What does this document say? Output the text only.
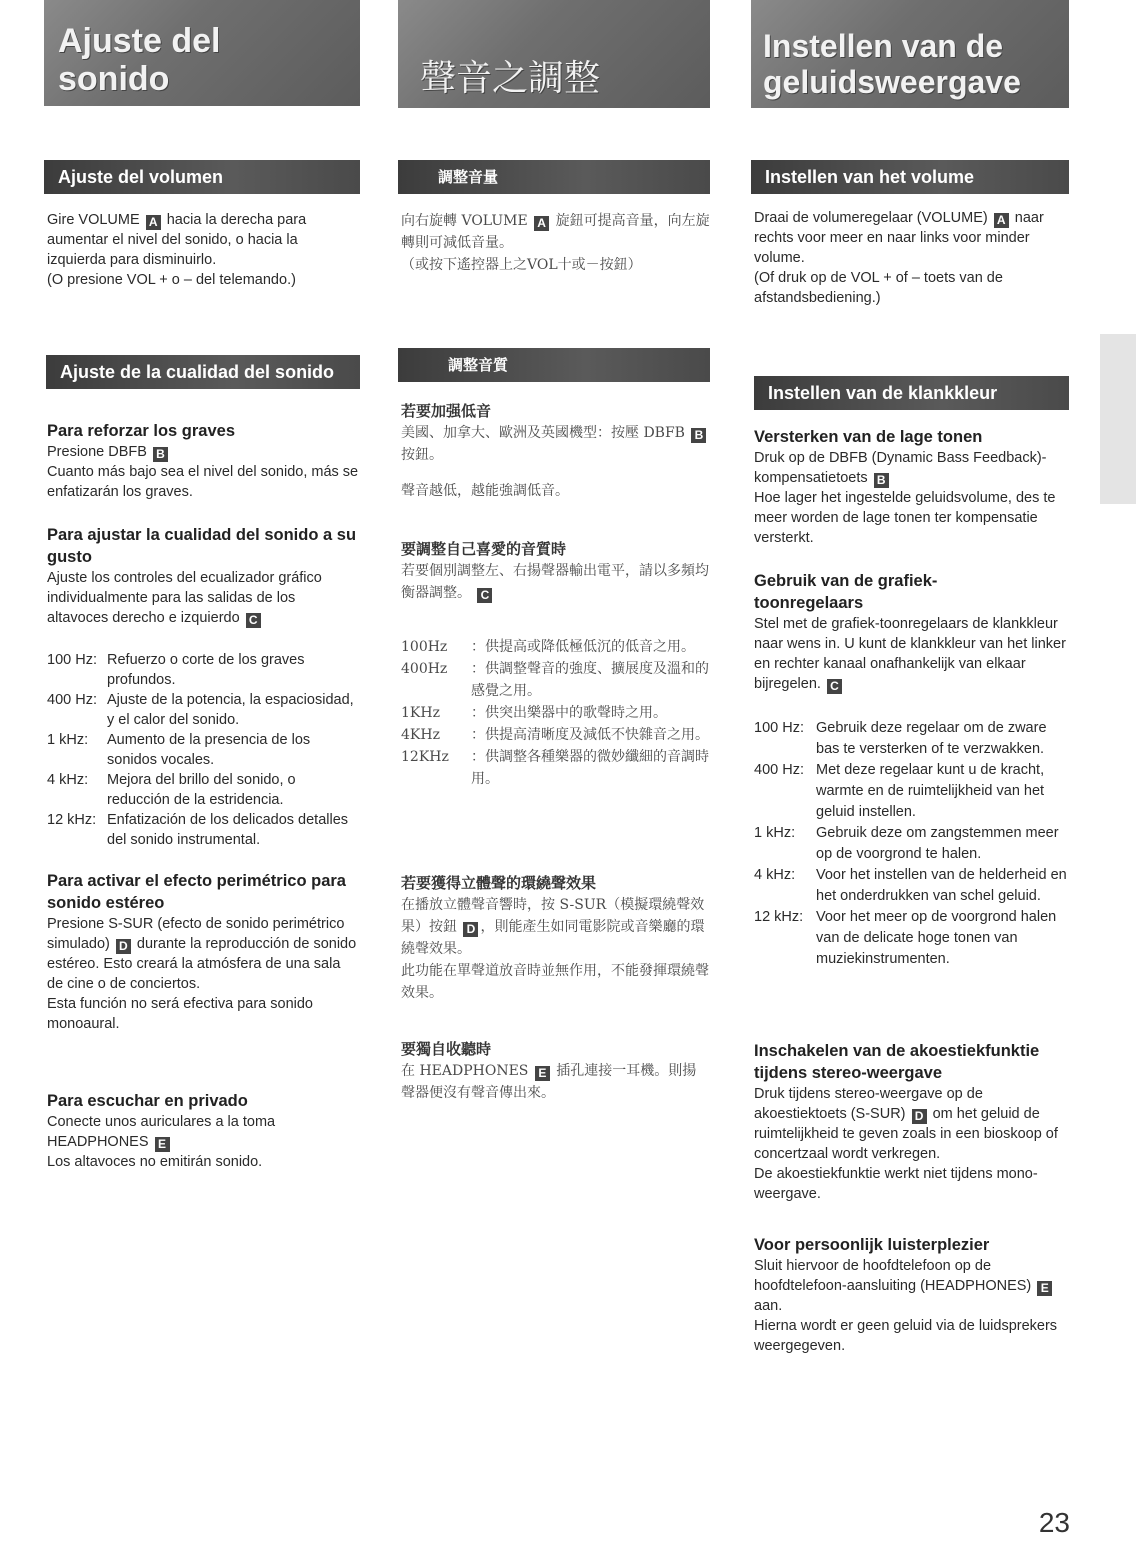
Ajuste del sonido
Ajuste del volumen

Gire VOLUME A hacia la derecha para aumentar el nivel del sonido, o hacia la izquierda para disminuirlo.

(O presione VOL + o – del telemando.)

Ajuste de la cualidad del sonido

Para reforzar los graves

Presione DBFB B

Cuanto más bajo sea el nivel del sonido, más se enfatizarán los graves.

Para ajustar la cualidad del sonido a su gusto

Ajuste los controles del ecualizador gráfico individualmente para las salidas de los altavoces derecho e izquierdo C

100 Hz: Refuerzo o corte de los graves profundos.
400 Hz: Ajuste de la potencia, la espaciosidad, y el calor del sonido.
1 kHz:	Aumento de la presencia de los sonidos vocales.
4 kHz:	Mejora del brillo del sonido, o reducción de la estridencia.
12 kHz: Enfatización de los delicados detalles del sonido instrumental.

Para activar el efecto perimétrico para sonido estéreo

Presione S-SUR (efecto de sonido perimétrico simulado) D durante la reproducción de sonido estéreo. Esto creará la atmósfera de una sala de cine o de conciertos.

Esta función no será efectiva para sonido monoaural.

Para escuchar en privado

Conecte unos auriculares a la toma HEADPHONES E

Los altavoces no emitirán sonido.

聲音之調整
調整音量

向右旋轉 VOLUME A 旋鈕可提高音量，向左旋轉則可減低音量。

（或按下遙控器上之VOL十或－按鈕）

調整音質

若要加强低音

美國、加拿大、歐洲及英國機型：按壓 DBFB B按鈕。

聲音越低，越能強調低音。

要調整自己喜愛的音質時

若要個別調整左、右揚聲器輸出電平，請以多頻均衡器調整。 C

100Hz	：供提高或降低極低沉的低音之用。
400Hz	：供調整聲音的強度、擴展度及溫和的感覺之用。
1KHz	：供突出樂器中的歌聲時之用。
4KHz	：供提高清晰度及減低不快雜音之用。
12KHz	：供調整各種樂器的微妙纖細的音調時用。

若要獲得立體聲的環繞聲效果

在播放立體聲音響時，按 S-SUR（模擬環繞聲效果）按鈕 D ，則能產生如同電影院或音樂廳的環繞聲效果。

此功能在單聲道放音時並無作用，不能發揮環繞聲效果。

要獨自收聽時

在 HEADPHONES E 插孔連接一耳機。則揚聲器便沒有聲音傳出來。

Instellen van de geluidsweergave
Instellen van het volume

Draai de volumeregelaar (VOLUME) A naar rechts voor meer en naar links voor minder volume.

(Of druk op de VOL + of – toets van de afstandsbediening.)

Instellen van de klankkleur

Versterken van de lage tonen

Druk op de DBFB (Dynamic Bass Feedback)-kompensatietoets B

Hoe lager het ingestelde geluidsvolume, des te meer worden de lage tonen ter kompensatie versterkt.

Gebruik van de grafiek-toonregelaars

Stel met de grafiek-toonregelaars de klankkleur naar wens in. U kunt de klankkleur van het linker en rechter kanaal onafhankelijk van elkaar bijregelen. C

100 Hz: Gebruik deze regelaar om de zware bas te versterken of te verzwakken.
400 Hz: Met deze regelaar kunt u de kracht, warmte en de ruimtelijkheid van het geluid instellen.
1 kHz:	Gebruik deze om zangstemmen meer op de voorgrond te halen.
4 kHz:	Voor het instellen van de helderheid en het onderdrukken van schel geluid.
12 kHz: Voor het meer op de voorgrond halen van de delicate hoge tonen van muziekinstrumenten.

Inschakelen van de akoestiekfunktie tijdens stereo-weergave

Druk tijdens stereo-weergave op de akoestiektoets (S-SUR) D om het geluid de ruimtelijkheid te geven zoals in een bioskoop of concertzaal wordt verkregen.

De akoestiekfunktie werkt niet tijdens mono-weergave.

Voor persoonlijk luisterplezier

Sluit hiervoor de hoofdtelefoon op de hoofdtelefoon-aansluiting (HEADPHONES) E aan.

Hierna wordt er geen geluid via de luidsprekers weergegeven.

23
